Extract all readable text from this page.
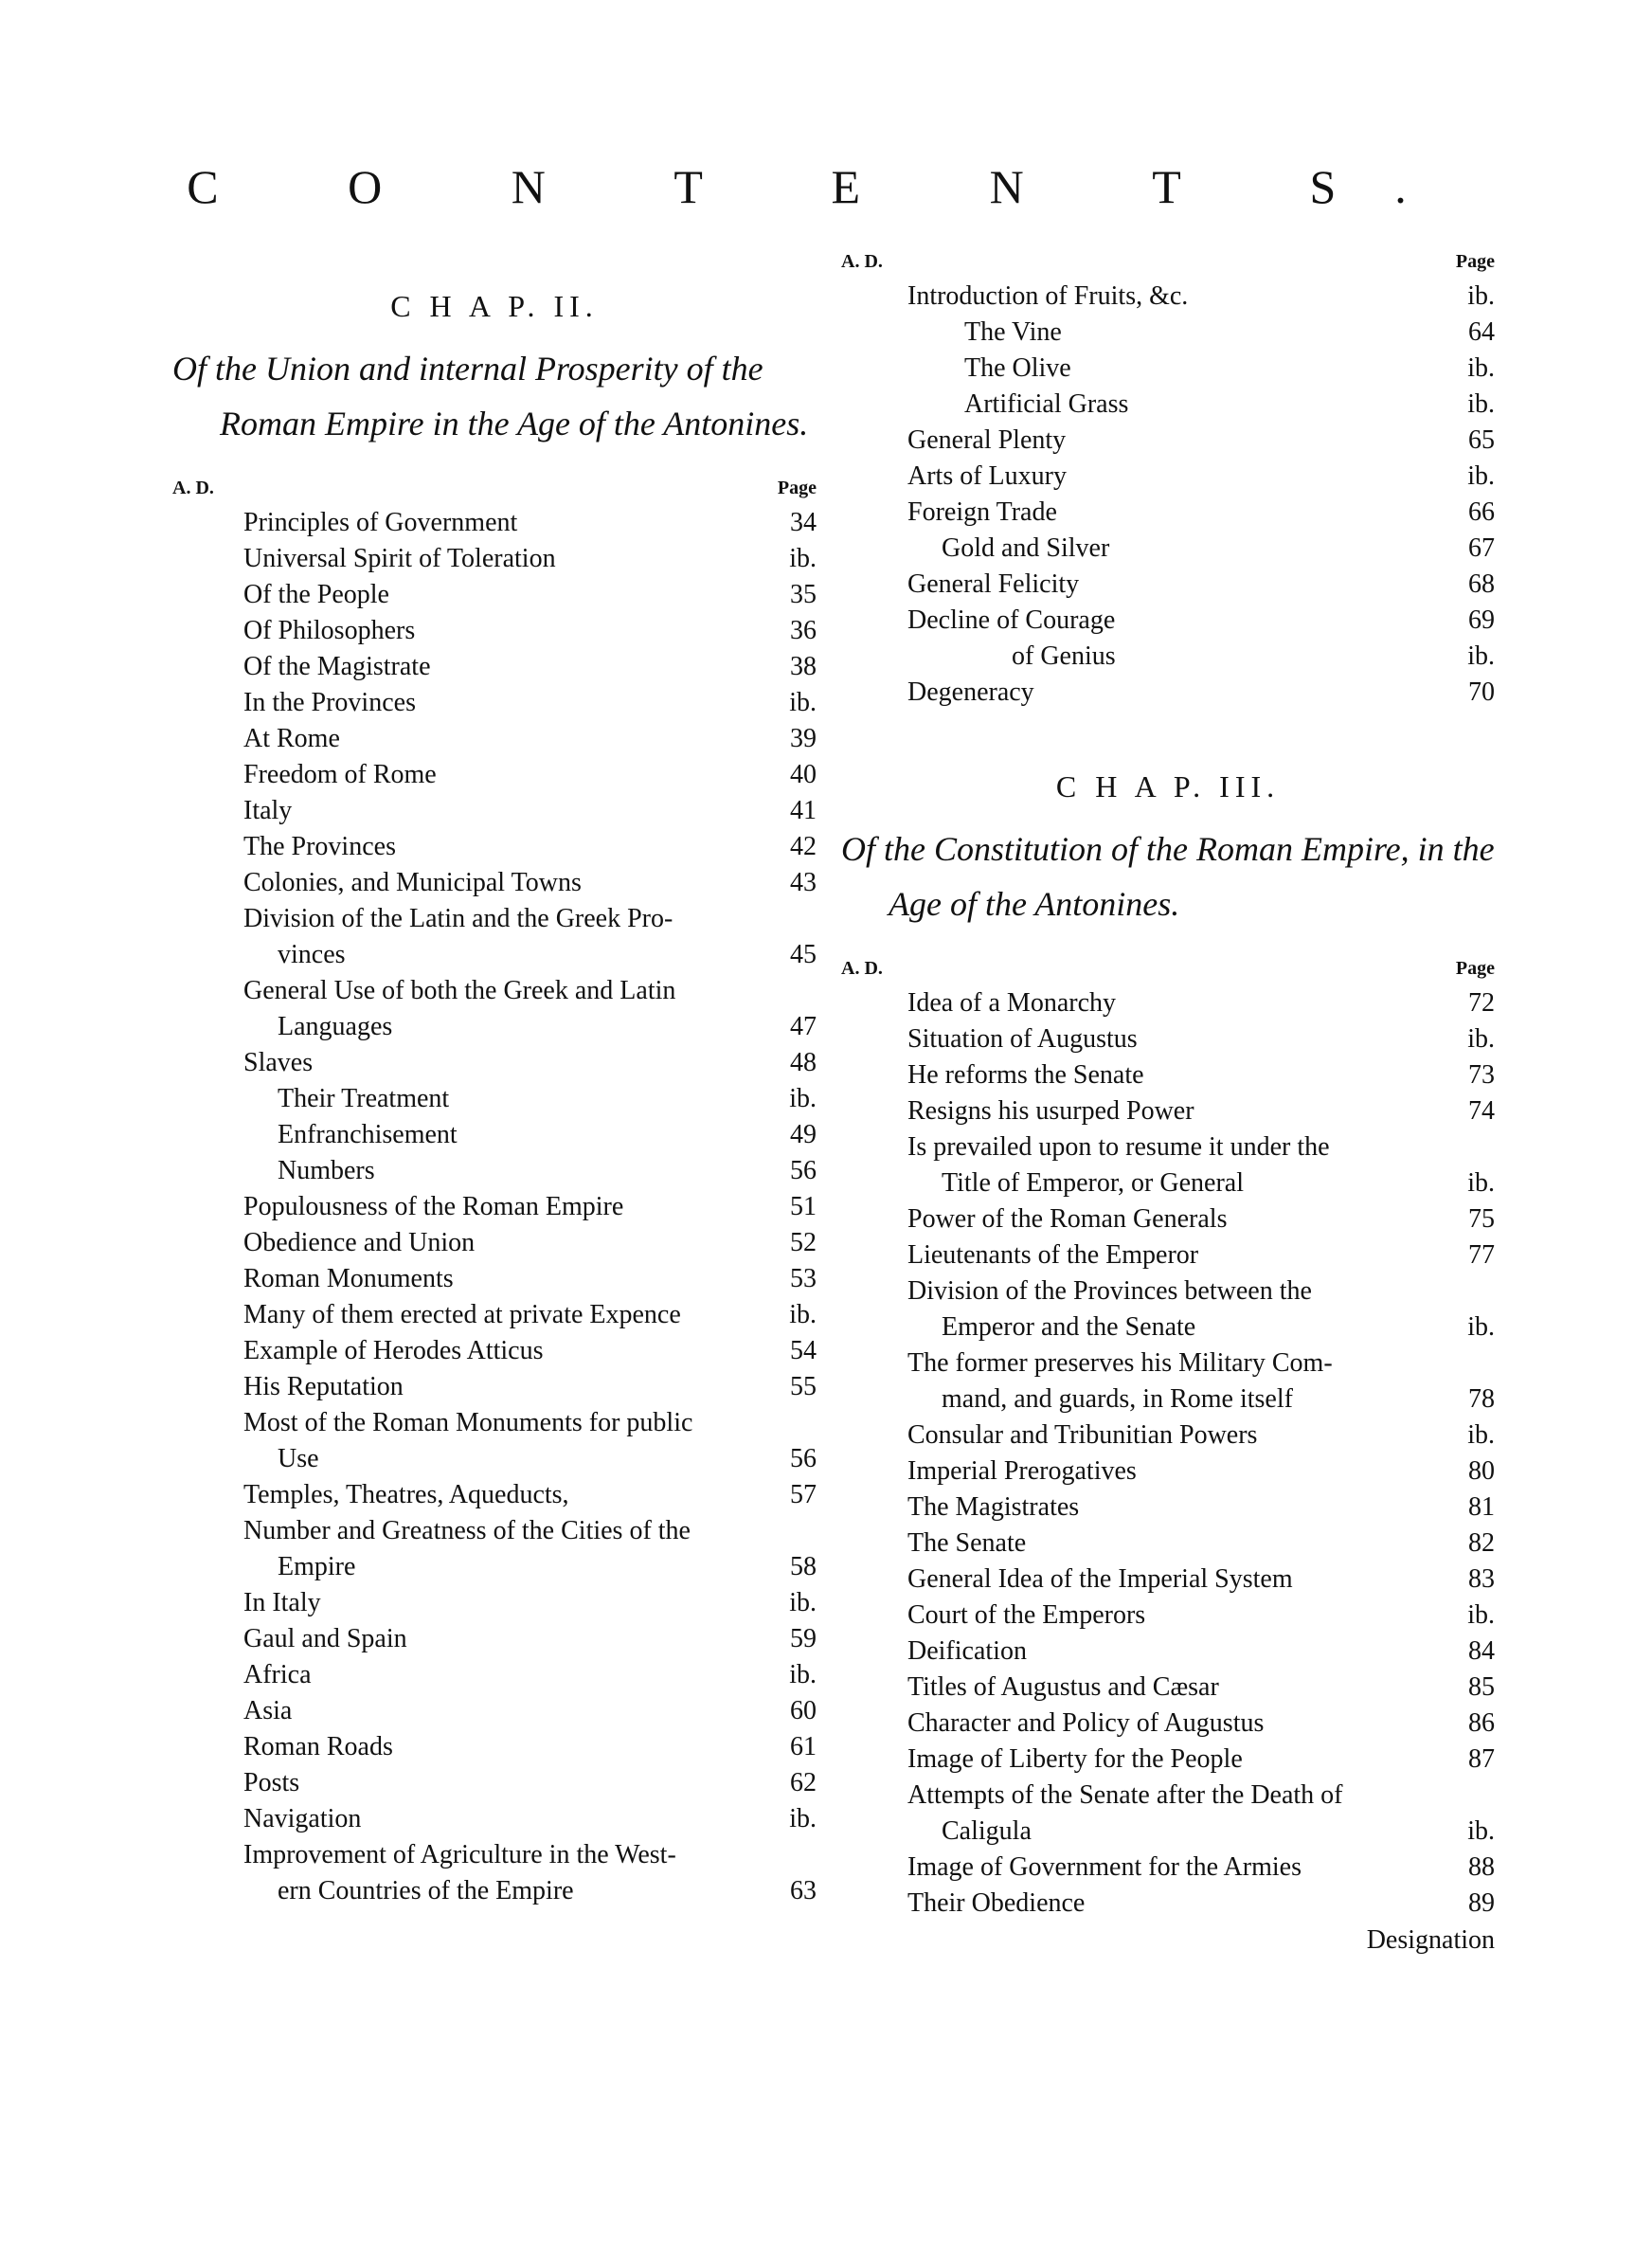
C O N T E N T S.
C H A P. II.
Of the Union and internal Prosperity of the Roman Empire in the Age of the Antonines.
A. D.	Page
Principles of Government	34
Universal Spirit of Toleration	ib.
Of the People	35
Of Philosophers	36
Of the Magistrate	38
In the Provinces	ib.
At Rome	39
Freedom of Rome	40
Italy	41
The Provinces	42
Colonies, and Municipal Towns	43
Division of the Latin and the Greek Pro-
vinces	45
General Use of both the Greek and Latin
Languages	47
Slaves	48
Their Treatment	ib.
Enfranchisement	49
Numbers	56
Populousness of the Roman Empire	51
Obedience and Union	52
Roman Monuments	53
Many of them erected at private Expence	ib.
Example of Herodes Atticus	54
His Reputation	55
Most of the Roman Monuments for public
Use	56
Temples, Theatres, Aqueducts,	57
Number and Greatness of the Cities of the
Empire	58
In Italy	ib.
Gaul and Spain	59
Africa	ib.
Asia	60
Roman Roads	61
Posts	62
Navigation	ib.
Improvement of Agriculture in the West-
ern Countries of the Empire	63
A. D.	Page
Introduction of Fruits, &c.	ib.
The Vine	64
The Olive	ib.
Artificial Grass	ib.
General Plenty	65
Arts of Luxury	ib.
Foreign Trade	66
Gold and Silver	67
General Felicity	68
Decline of Courage	69
of Genius	ib.
Degeneracy	70
C H A P. III.
Of the Constitution of the Roman Empire, in the Age of the Antonines.
A. D.	Page
Idea of a Monarchy	72
Situation of Augustus	ib.
He reforms the Senate	73
Resigns his usurped Power	74
Is prevailed upon to resume it under the
Title of Emperor, or General	ib.
Power of the Roman Generals	75
Lieutenants of the Emperor	77
Division of the Provinces between the
Emperor and the Senate	ib.
The former preserves his Military Com-
mand, and guards, in Rome itself	78
Consular and Tribunitian Powers	ib.
Imperial Prerogatives	80
The Magistrates	81
The Senate	82
General Idea of the Imperial System	83
Court of the Emperors	ib.
Deification	84
Titles of Augustus and Cæsar	85
Character and Policy of Augustus	86
Image of Liberty for the People	87
Attempts of the Senate after the Death of
Caligula	ib.
Image of Government for the Armies	88
Their Obedience	89
Designation
